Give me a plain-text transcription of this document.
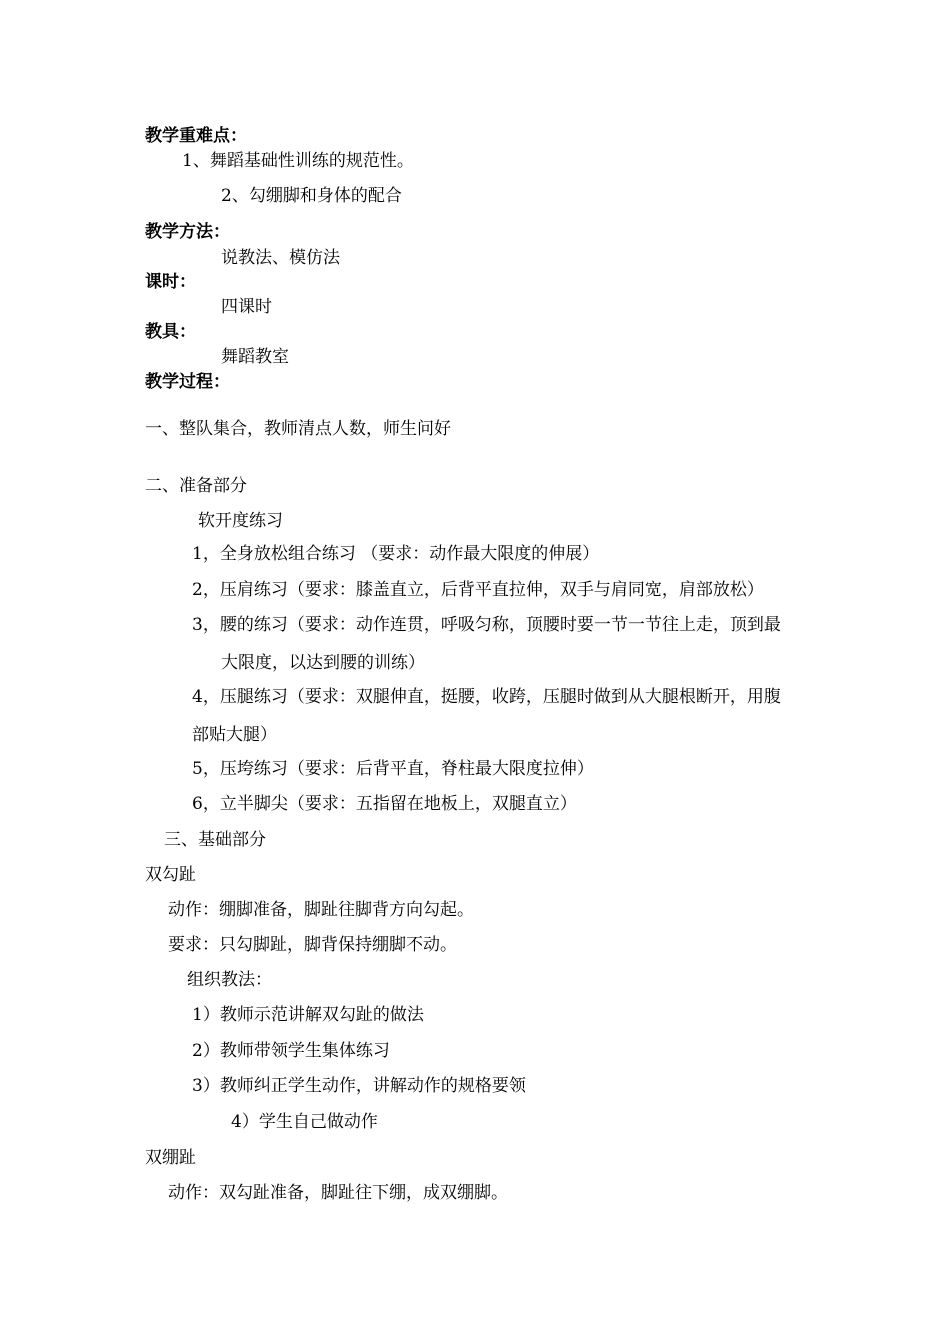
教学重难点：
1、舞蹈基础性训练的规范性。
2、勾绷脚和身体的配合
教学方法：
说教法、模仿法
课时：
四课时
教具：
舞蹈教室
教学过程：
一、整队集合，教师清点人数，师生问好
二、准备部分
软开度练习
1，全身放松组合练习 （要求：动作最大限度的伸展）
2，压肩练习（要求：膝盖直立，后背平直拉伸，双手与肩同宽，肩部放松）
3，腰的练习（要求：动作连贯，呼吸匀称，顶腰时要一节一节往上走，顶到最
大限度，以达到腰的训练）
4，压腿练习（要求：双腿伸直，挺腰，收跨，压腿时做到从大腿根断开，用腹
部贴大腿）
5，压垮练习（要求：后背平直，脊柱最大限度拉伸）
6，立半脚尖（要求：五指留在地板上，双腿直立）
三、基础部分
双勾趾
动作：绷脚准备，脚趾往脚背方向勾起。
要求：只勾脚趾，脚背保持绷脚不动。
组织教法：
1）教师示范讲解双勾趾的做法
2）教师带领学生集体练习
3）教师纠正学生动作，讲解动作的规格要领
4）学生自己做动作
双绷趾
动作：双勾趾准备，脚趾往下绷，成双绷脚。
